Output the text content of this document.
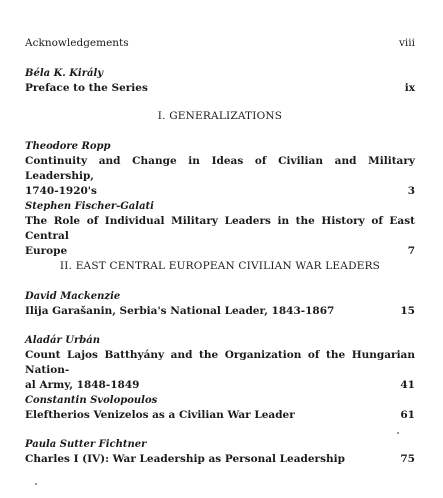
Acknowledgements	viii
Béla K. Király
Preface to the Series	ix
I. GENERALIZATIONS
Theodore Ropp
Continuity and Change in Ideas of Civilian and Military Leadership,
1740-1920's	3
Stephen Fischer-Galati
The Role of Individual Military Leaders in the History of East Central
Europe	7
II. EAST CENTRAL EUROPEAN CIVILIAN WAR LEADERS
David Mackenzie
Ilija Garašanin, Serbia's National Leader, 1843-1867	15
Aladár Urbán
Count Lajos Batthyány and the Organization of the Hungarian Nation-
al Army, 1848-1849	41
Constantin Svolopoulos
Eleftherios Venizelos as a Civilian War Leader	61
Paula Sutter Fichtner
Charles I (IV): War Leadership as Personal Leadership	75
